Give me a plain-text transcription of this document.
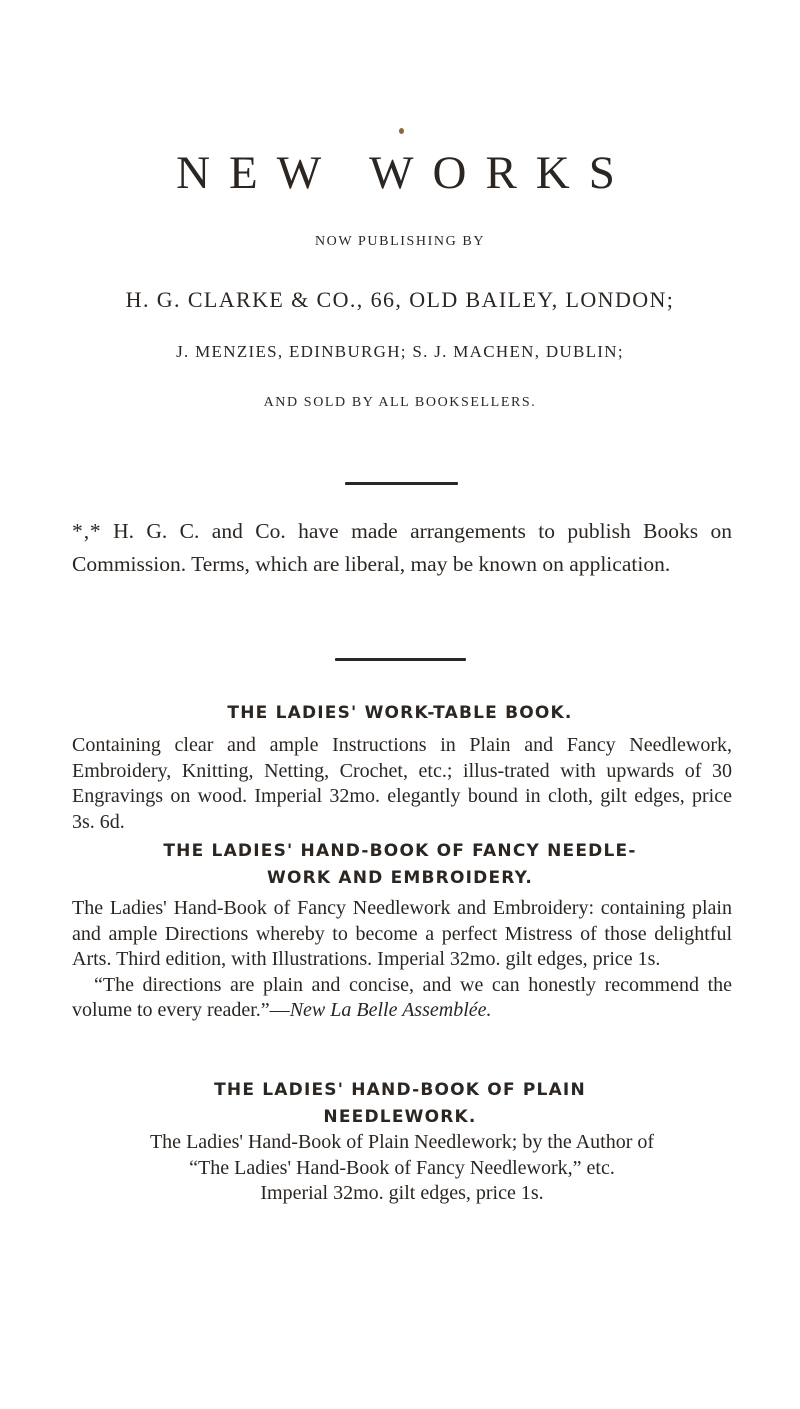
NEW WORKS
NOW PUBLISHING BY
H. G. CLARKE & CO., 66, OLD BAILEY, LONDON;
J. MENZIES, EDINBURGH; S. J. MACHEN, DUBLIN;
AND SOLD BY ALL BOOKSELLERS.
*‚* H. G. C. and Co. have made arrangements to publish Books on Commission. Terms, which are liberal, may be known on application.
THE LADIES' WORK-TABLE BOOK.
Containing clear and ample Instructions in Plain and Fancy Needlework, Embroidery, Knitting, Netting, Crochet, etc.; illus-trated with upwards of 30 Engravings on wood. Imperial 32mo. elegantly bound in cloth, gilt edges, price 3s. 6d.
THE LADIES' HAND-BOOK OF FANCY NEEDLE-
WORK AND EMBROIDERY.
The Ladies' Hand-Book of Fancy Needlework and Embroidery: containing plain and ample Directions whereby to become a perfect Mistress of those delightful Arts. Third edition, with Illustrations. Imperial 32mo. gilt edges, price 1s.
“The directions are plain and concise, and we can honestly recommend the volume to every reader.”—New La Belle Assemblée.
THE LADIES' HAND-BOOK OF PLAIN
NEEDLEWORK.
The Ladies' Hand-Book of Plain Needlework; by the Author of
“The Ladies' Hand-Book of Fancy Needlework,” etc.
Imperial 32mo. gilt edges, price 1s.
